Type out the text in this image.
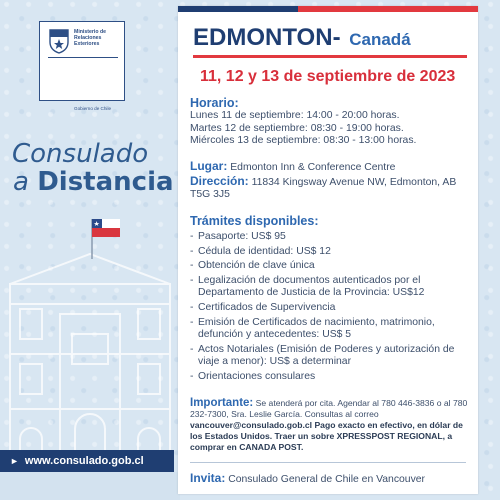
Ministerio de Relaciones Exteriores
Gobierno de Chile
Consulado
a Distancia
► www.consulado.gob.cl
EDMONTON- Canadá
11, 12 y 13 de septiembre de 2023
Horario:
Lunes 11 de septiembre: 14:00 - 20:00 horas.
Martes 12 de septiembre: 08:30 - 19:00 horas.
Miércoles 13 de septiembre: 08:30 - 13:00 horas.
Lugar: Edmonton Inn & Conference Centre
Dirección: 11834 Kingsway Avenue NW, Edmonton, AB T5G 3J5
Trámites disponibles:
- Pasaporte: US$ 95
- Cédula de identidad: US$ 12
- Obtención de clave única
- Legalización de documentos autenticados por el Departamento de Justicia de la Provincia: US$12
- Certificados de Supervivencia
- Emisión de Certificados de nacimiento, matrimonio, defunción y antecedentes: US$ 5
- Actos Notariales (Emisión de Poderes y autorización de viaje a menor): US$ a determinar
- Orientaciones consulares
Importante: Se atenderá por cita. Agendar al 780 446-3836 o al 780 232-7300, Sra. Leslie García. Consultas al correo vancouver@consulado.gob.cl Pago exacto en efectivo, en dólar de los Estados Unidos. Traer un sobre XPRESSPOST REGIONAL, a comprar en CANADA POST.
Invita: Consulado General de Chile en Vancouver
